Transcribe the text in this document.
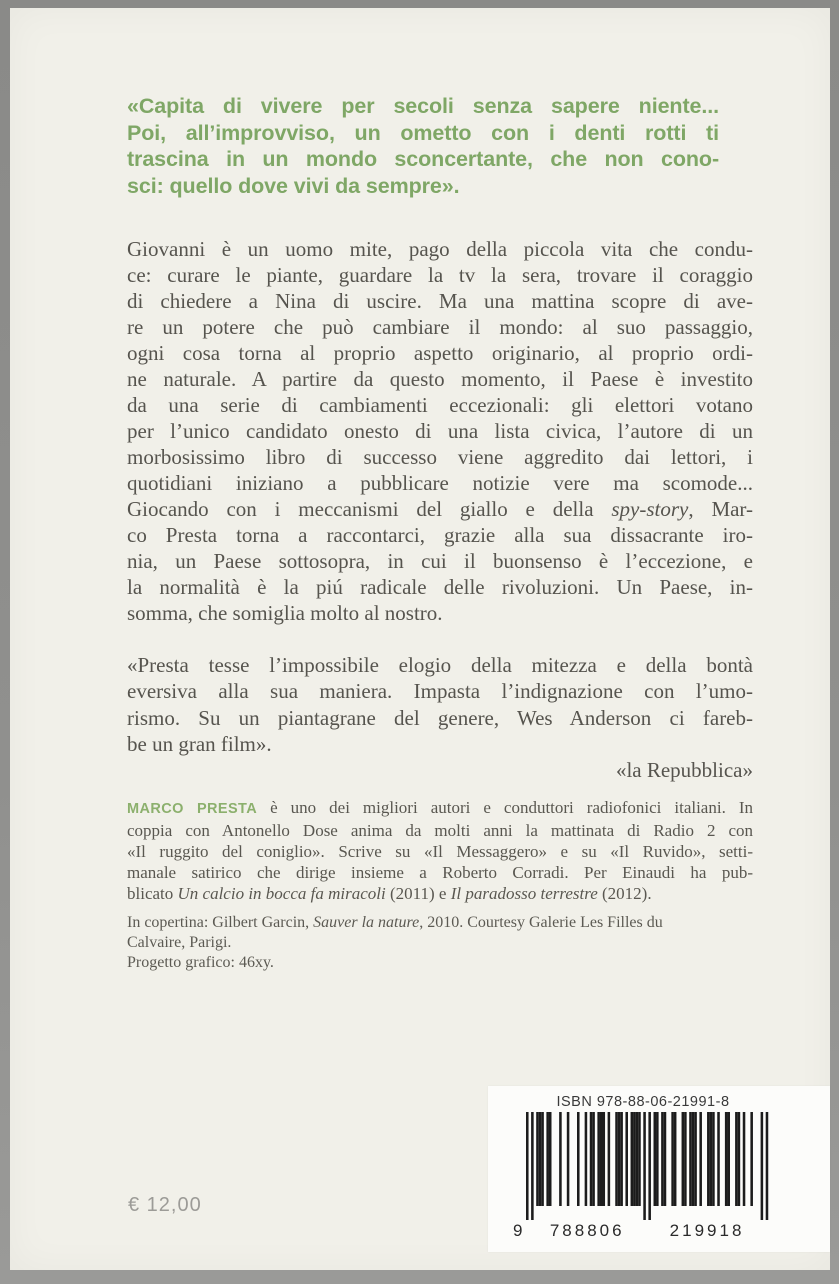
«Capita di vivere per secoli senza sapere niente...
Poi, all’improvviso, un ometto con i denti rotti ti
trascina in un mondo sconcertante, che non cono-
sci: quello dove vivi da sempre».
Giovanni è un uomo mite, pago della piccola vita che condu-
ce: curare le piante, guardare la tv la sera, trovare il coraggio
di chiedere a Nina di uscire. Ma una mattina scopre di ave-
re un potere che può cambiare il mondo: al suo passaggio,
ogni cosa torna al proprio aspetto originario, al proprio ordi-
ne naturale. A partire da questo momento, il Paese è investito
da una serie di cambiamenti eccezionali: gli elettori votano
per l’unico candidato onesto di una lista civica, l’autore di un
morbosissimo libro di successo viene aggredito dai lettori, i
quotidiani iniziano a pubblicare notizie vere ma scomode...
Giocando con i meccanismi del giallo e della spy-story, Mar-
co Presta torna a raccontarci, grazie alla sua dissacrante iro-
nia, un Paese sottosopra, in cui il buonsenso è l’eccezione, e
la normalità è la piú radicale delle rivoluzioni. Un Paese, in-
somma, che somiglia molto al nostro.
«Presta tesse l’impossibile elogio della mitezza e della bontà
eversiva alla sua maniera. Impasta l’indignazione con l’umo-
rismo. Su un piantagrane del genere, Wes Anderson ci fareb-
be un gran film».
«la Repubblica»
MARCO PRESTA è uno dei migliori autori e conduttori radiofonici italiani. In
coppia con Antonello Dose anima da molti anni la mattinata di Radio 2 con
«Il ruggito del coniglio». Scrive su «Il Messaggero» e su «Il Ruvido», setti-
manale satirico che dirige insieme a Roberto Corradi. Per Einaudi ha pub-
blicato Un calcio in bocca fa miracoli (2011) e Il paradosso terrestre (2012).
In copertina: Gilbert Garcin, Sauver la nature, 2010. Courtesy Galerie Les Filles du
Calvaire, Parigi.
Progetto grafico: 46xy.
€ 12,00
ISBN 978-88-06-21991-8
9 788806	219918
